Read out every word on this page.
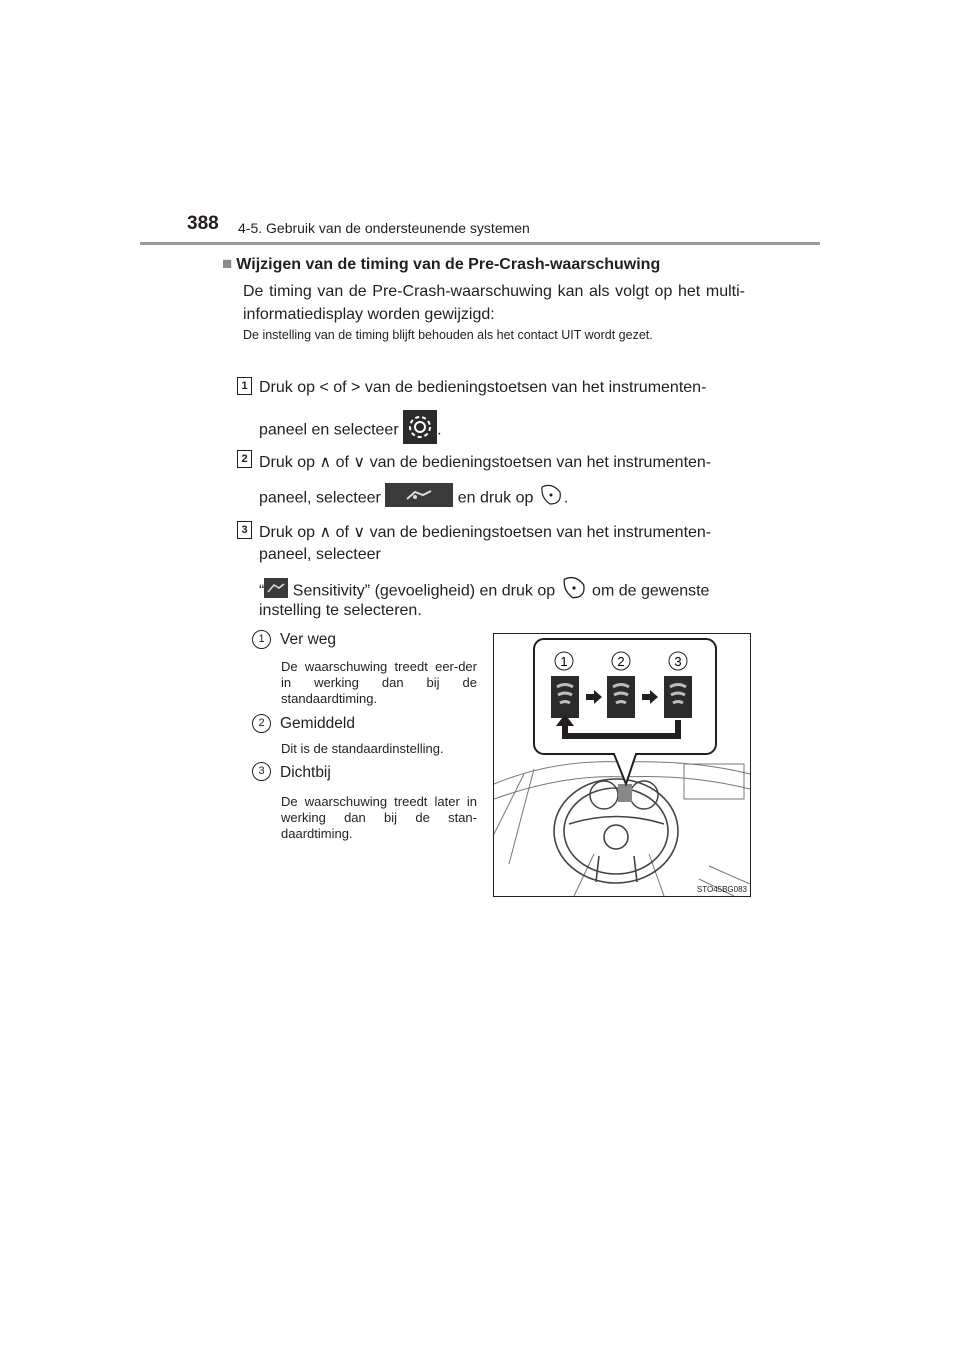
388 4-5. Gebruik van de ondersteunende systemen
■ Wijzigen van de timing van de Pre-Crash-waarschuwing
De timing van de Pre-Crash-waarschuwing kan als volgt op het multi-informatiedisplay worden gewijzigd:
De instelling van de timing blijft behouden als het contact UIT wordt gezet.
1 Druk op < of > van de bedieningstoetsen van het instrumenten-
paneel en selecteer .
2 Druk op ∧ of ∨ van de bedieningstoetsen van het instrumenten-
paneel, selecteer	en druk op .
3 Druk op ∧ of ∨ van de bedieningstoetsen van het instrumenten-
paneel, selecteer
“ Sensitivity” (gevoeligheid) en druk op om de gewenste
instelling te selecteren.
1 Ver weg
De waarschuwing treedt eer-der in werking dan bij de standaardtiming.
2 Gemiddeld
Dit is de standaardinstelling.
3 Dichtbij
De waarschuwing treedt later in werking dan bij de stan-daardtiming.
1	2	3
STO45BG083
